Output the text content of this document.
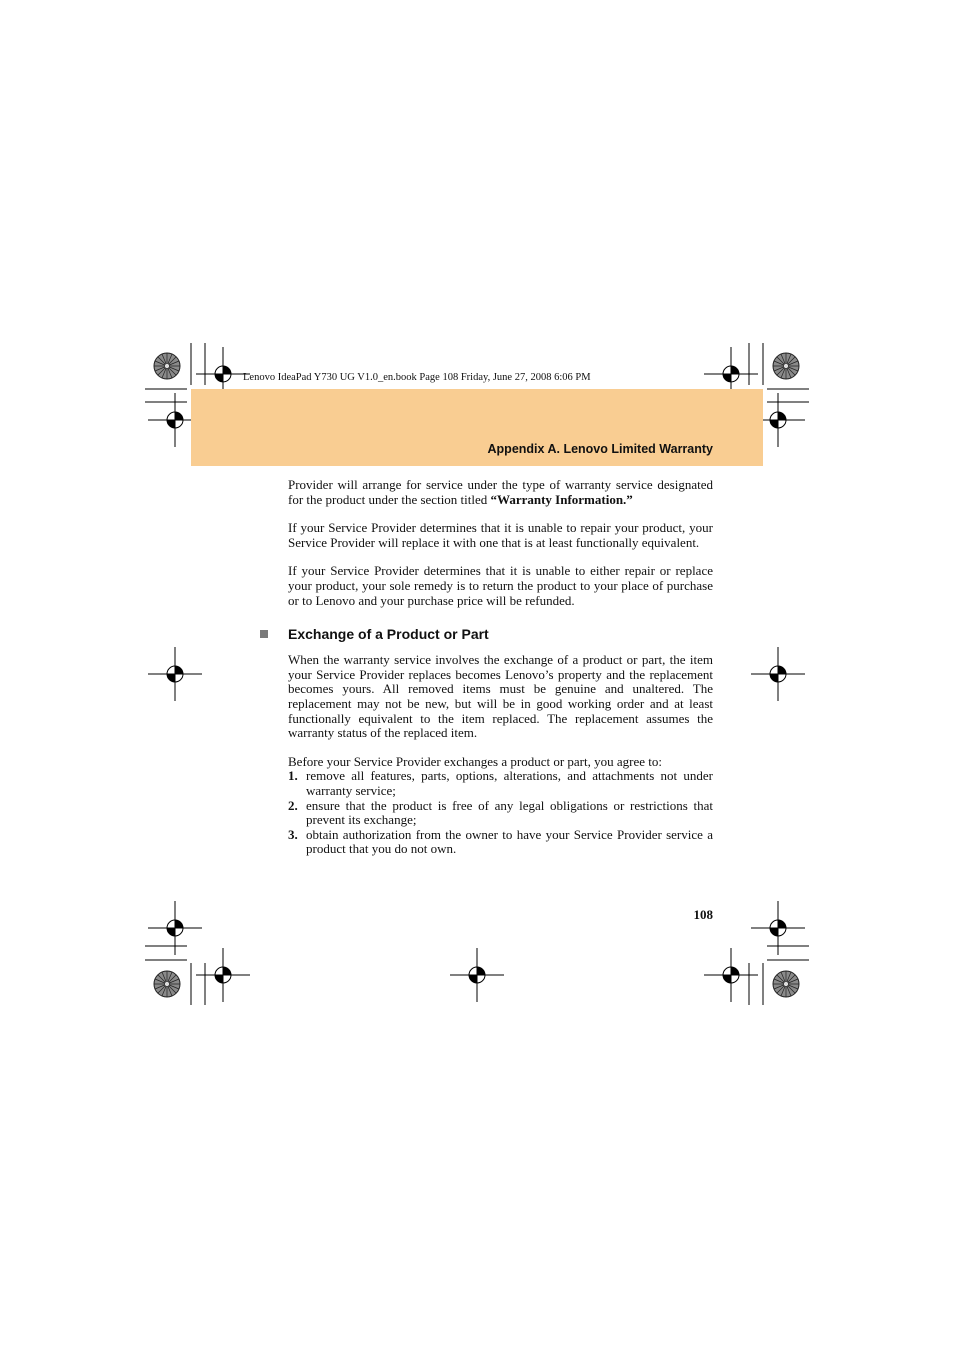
Lenovo IdeaPad Y730 UG V1.0_en.book Page 108 Friday, June 27, 2008 6:06 PM
Appendix A. Lenovo Limited Warranty

Provider will arrange for service under the type of warranty service designated for the product under the section titled “Warranty Information.”

If your Service Provider determines that it is unable to repair your product, your Service Provider will replace it with one that is at least functionally equivalent.

If your Service Provider determines that it is unable to either repair or replace your product, your sole remedy is to return the product to your place of purchase or to Lenovo and your purchase price will be refunded.

Exchange of a Product or Part

When the warranty service involves the exchange of a product or part, the item your Service Provider replaces becomes Lenovo’s property and the replacement becomes yours. All removed items must be genuine and unaltered. The replacement may not be new, but will be in good working order and at least functionally equivalent to the item replaced. The replacement assumes the warranty status of the replaced item.

Before your Service Provider exchanges a product or part, you agree to:

1. remove all features, parts, options, alterations, and attachments not under warranty service;
2. ensure that the product is free of any legal obligations or restrictions that prevent its exchange;
3. obtain authorization from the owner to have your Service Provider service a product that you do not own.
108
